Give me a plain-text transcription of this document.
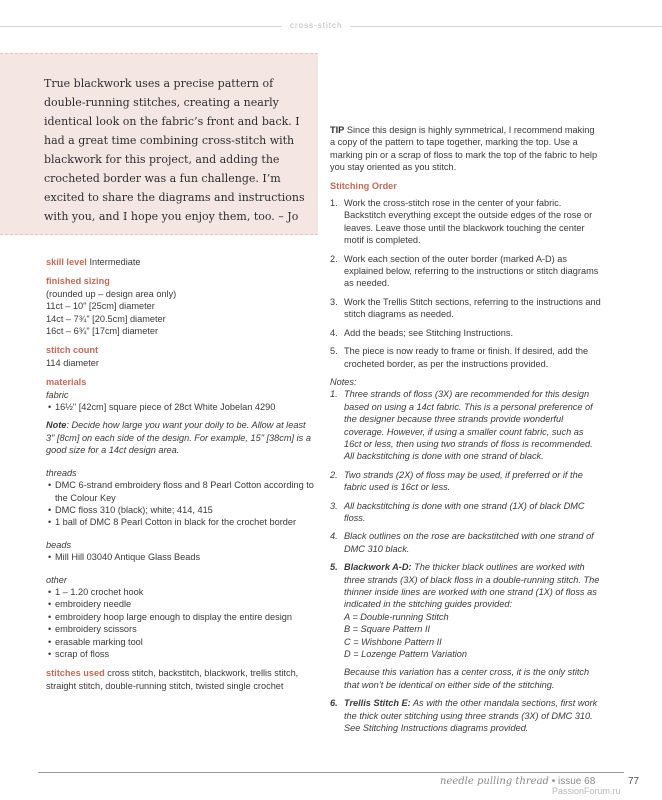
cross-stitch

True blackwork uses a precise pattern of double-running stitches, creating a nearly identical look on the fabric’s front and back. I had a great time combining cross-stitch with blackwork for this project, and adding the crocheted border was a fun challenge. I’m excited to share the diagrams and instructions with you, and I hope you enjoy them, too. – Jo

skill level Intermediate

finished sizing

(rounded up – design area only)

11ct – 10" [25cm] diameter

14ct – 7¾" [20.5cm] diameter

16ct – 6¾" [17cm] diameter

stitch count

114 diameter

materials

fabric

• 16½" [42cm] square piece of 28ct White Jobelan 4290

Note: Decide how large you want your doily to be. Allow at least 3" [8cm] on each side of the design. For example, 15" [38cm] is a good size for a 14ct design area.

threads

• DMC 6-strand embroidery floss and 8 Pearl Cotton according to the Colour Key
• DMC floss 310 (black); white; 414, 415
• 1 ball of DMC 8 Pearl Cotton in black for the crochet border

beads

• Mill Hill 03040 Antique Glass Beads

other

• 1 – 1.20 crochet hook
• embroidery needle
• embroidery hoop large enough to display the entire design
• embroidery scissors
• erasable marking tool
• scrap of floss

stitches used cross stitch, backstitch, blackwork, trellis stitch, straight stitch, double-running stitch, twisted single crochet

TIP Since this design is highly symmetrical, I recommend making a copy of the pattern to tape together, marking the top. Use a marking pin or a scrap of floss to mark the top of the fabric to help you stay oriented as you stitch.

Stitching Order

1. Work the cross-stitch rose in the center of your fabric. Backstitch everything except the outside edges of the rose or leaves. Leave those until the blackwork touching the center motif is completed.
2. Work each section of the outer border (marked A-D) as explained below, referring to the instructions or stitch diagrams as needed.
3. Work the Trellis Stitch sections, referring to the instructions and stitch diagrams as needed.
4. Add the beads; see Stitching Instructions.
5. The piece is now ready to frame or finish. If desired, add the crocheted border, as per the instructions provided.

Notes:

1. Three strands of floss (3X) are recommended for this design based on using a 14ct fabric. This is a personal preference of the designer because three strands provide wonderful coverage. However, if using a smaller count fabric, such as 16ct or less, then using two strands of floss is recommended. All backstitching is done with one strand of black.
2. Two strands (2X) of floss may be used, if preferred or if the fabric used is 16ct or less.
3. All backstitching is done with one strand (1X) of black DMC floss.
4. Black outlines on the rose are backstitched with one strand of DMC 310 black.
5. Blackwork A-D: The thicker black outlines are worked with three strands (3X) of black floss in a double-running stitch. The thinner inside lines are worked with one strand (1X) of floss as indicated in the stitching guides provided:
A = Double-running Stitch
B = Square Pattern II
C = Wishbone Pattern II
D = Lozenge Pattern Variation
Because this variation has a center cross, it is the only stitch that won’t be identical on either side of the stitching.
6. Trellis Stitch E: As with the other mandala sections, first work the thick outer stitching using three strands (3X) of DMC 310. See Stitching Instructions diagrams provided.
needle pulling thread • issue 68	77
PassionForum.ru
